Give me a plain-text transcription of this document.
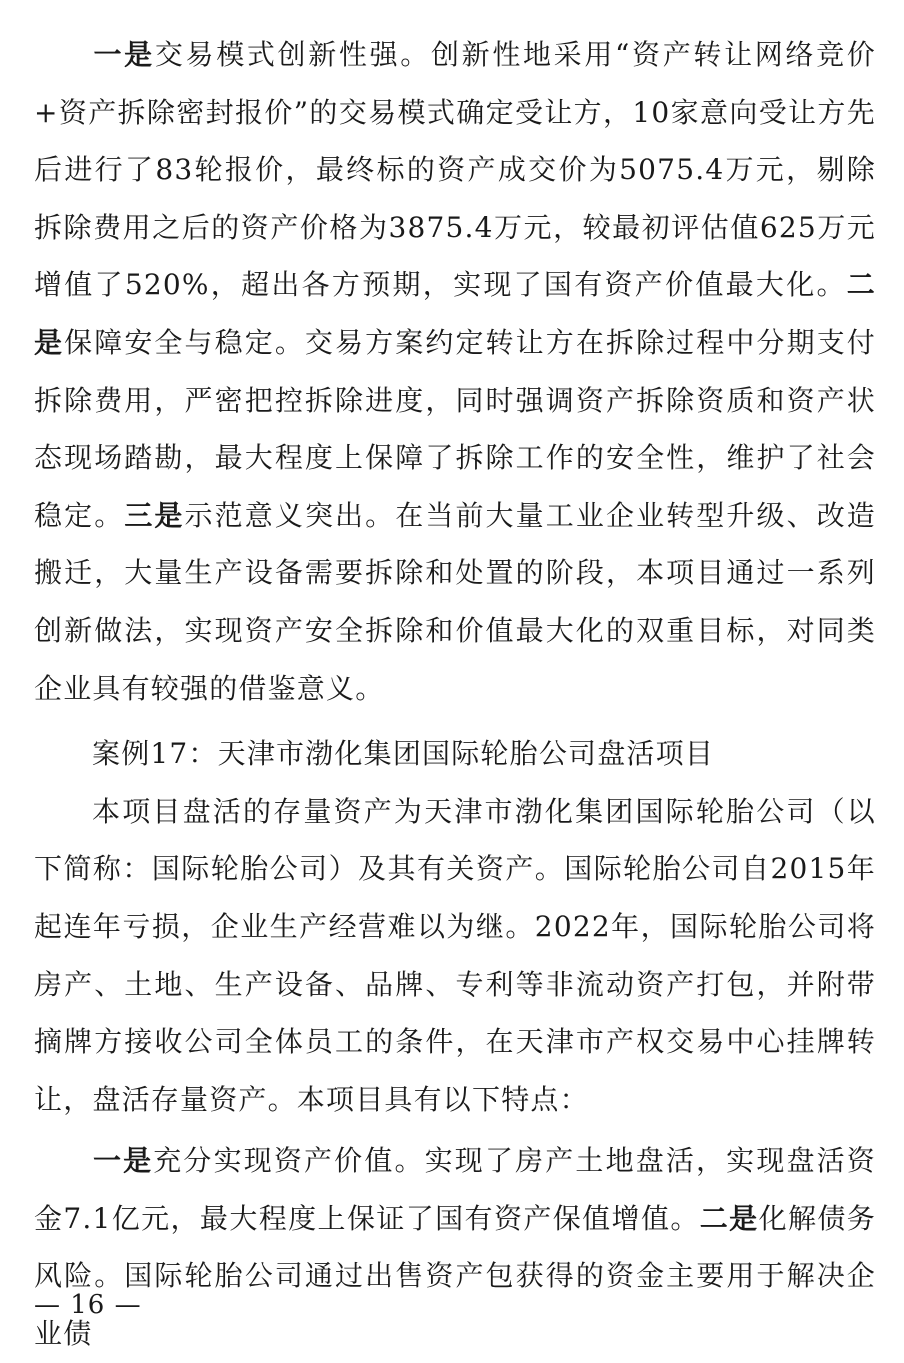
一是交易模式创新性强。创新性地采用“资产转让网络竞价+资产拆除密封报价”的交易模式确定受让方，10家意向受让方先后进行了83轮报价，最终标的资产成交价为5075.4万元，剔除拆除费用之后的资产价格为3875.4万元，较最初评估值625万元增值了520%，超出各方预期，实现了国有资产价值最大化。二是保障安全与稳定。交易方案约定转让方在拆除过程中分期支付拆除费用，严密把控拆除进度，同时强调资产拆除资质和资产状态现场踏勘，最大程度上保障了拆除工作的安全性，维护了社会稳定。三是示范意义突出。在当前大量工业企业转型升级、改造搬迁，大量生产设备需要拆除和处置的阶段，本项目通过一系列创新做法，实现资产安全拆除和价值最大化的双重目标，对同类企业具有较强的借鉴意义。

案例17：天津市渤化集团国际轮胎公司盘活项目

本项目盘活的存量资产为天津市渤化集团国际轮胎公司（以下简称：国际轮胎公司）及其有关资产。国际轮胎公司自2015年起连年亏损，企业生产经营难以为继。2022年，国际轮胎公司将房产、土地、生产设备、品牌、专利等非流动资产打包，并附带摘牌方接收公司全体员工的条件，在天津市产权交易中心挂牌转让，盘活存量资产。本项目具有以下特点：

一是充分实现资产价值。实现了房产土地盘活，实现盘活资金7.1亿元，最大程度上保证了国有资产保值增值。二是化解债务风险。国际轮胎公司通过出售资产包获得的资金主要用于解决企业债

— 16 —
